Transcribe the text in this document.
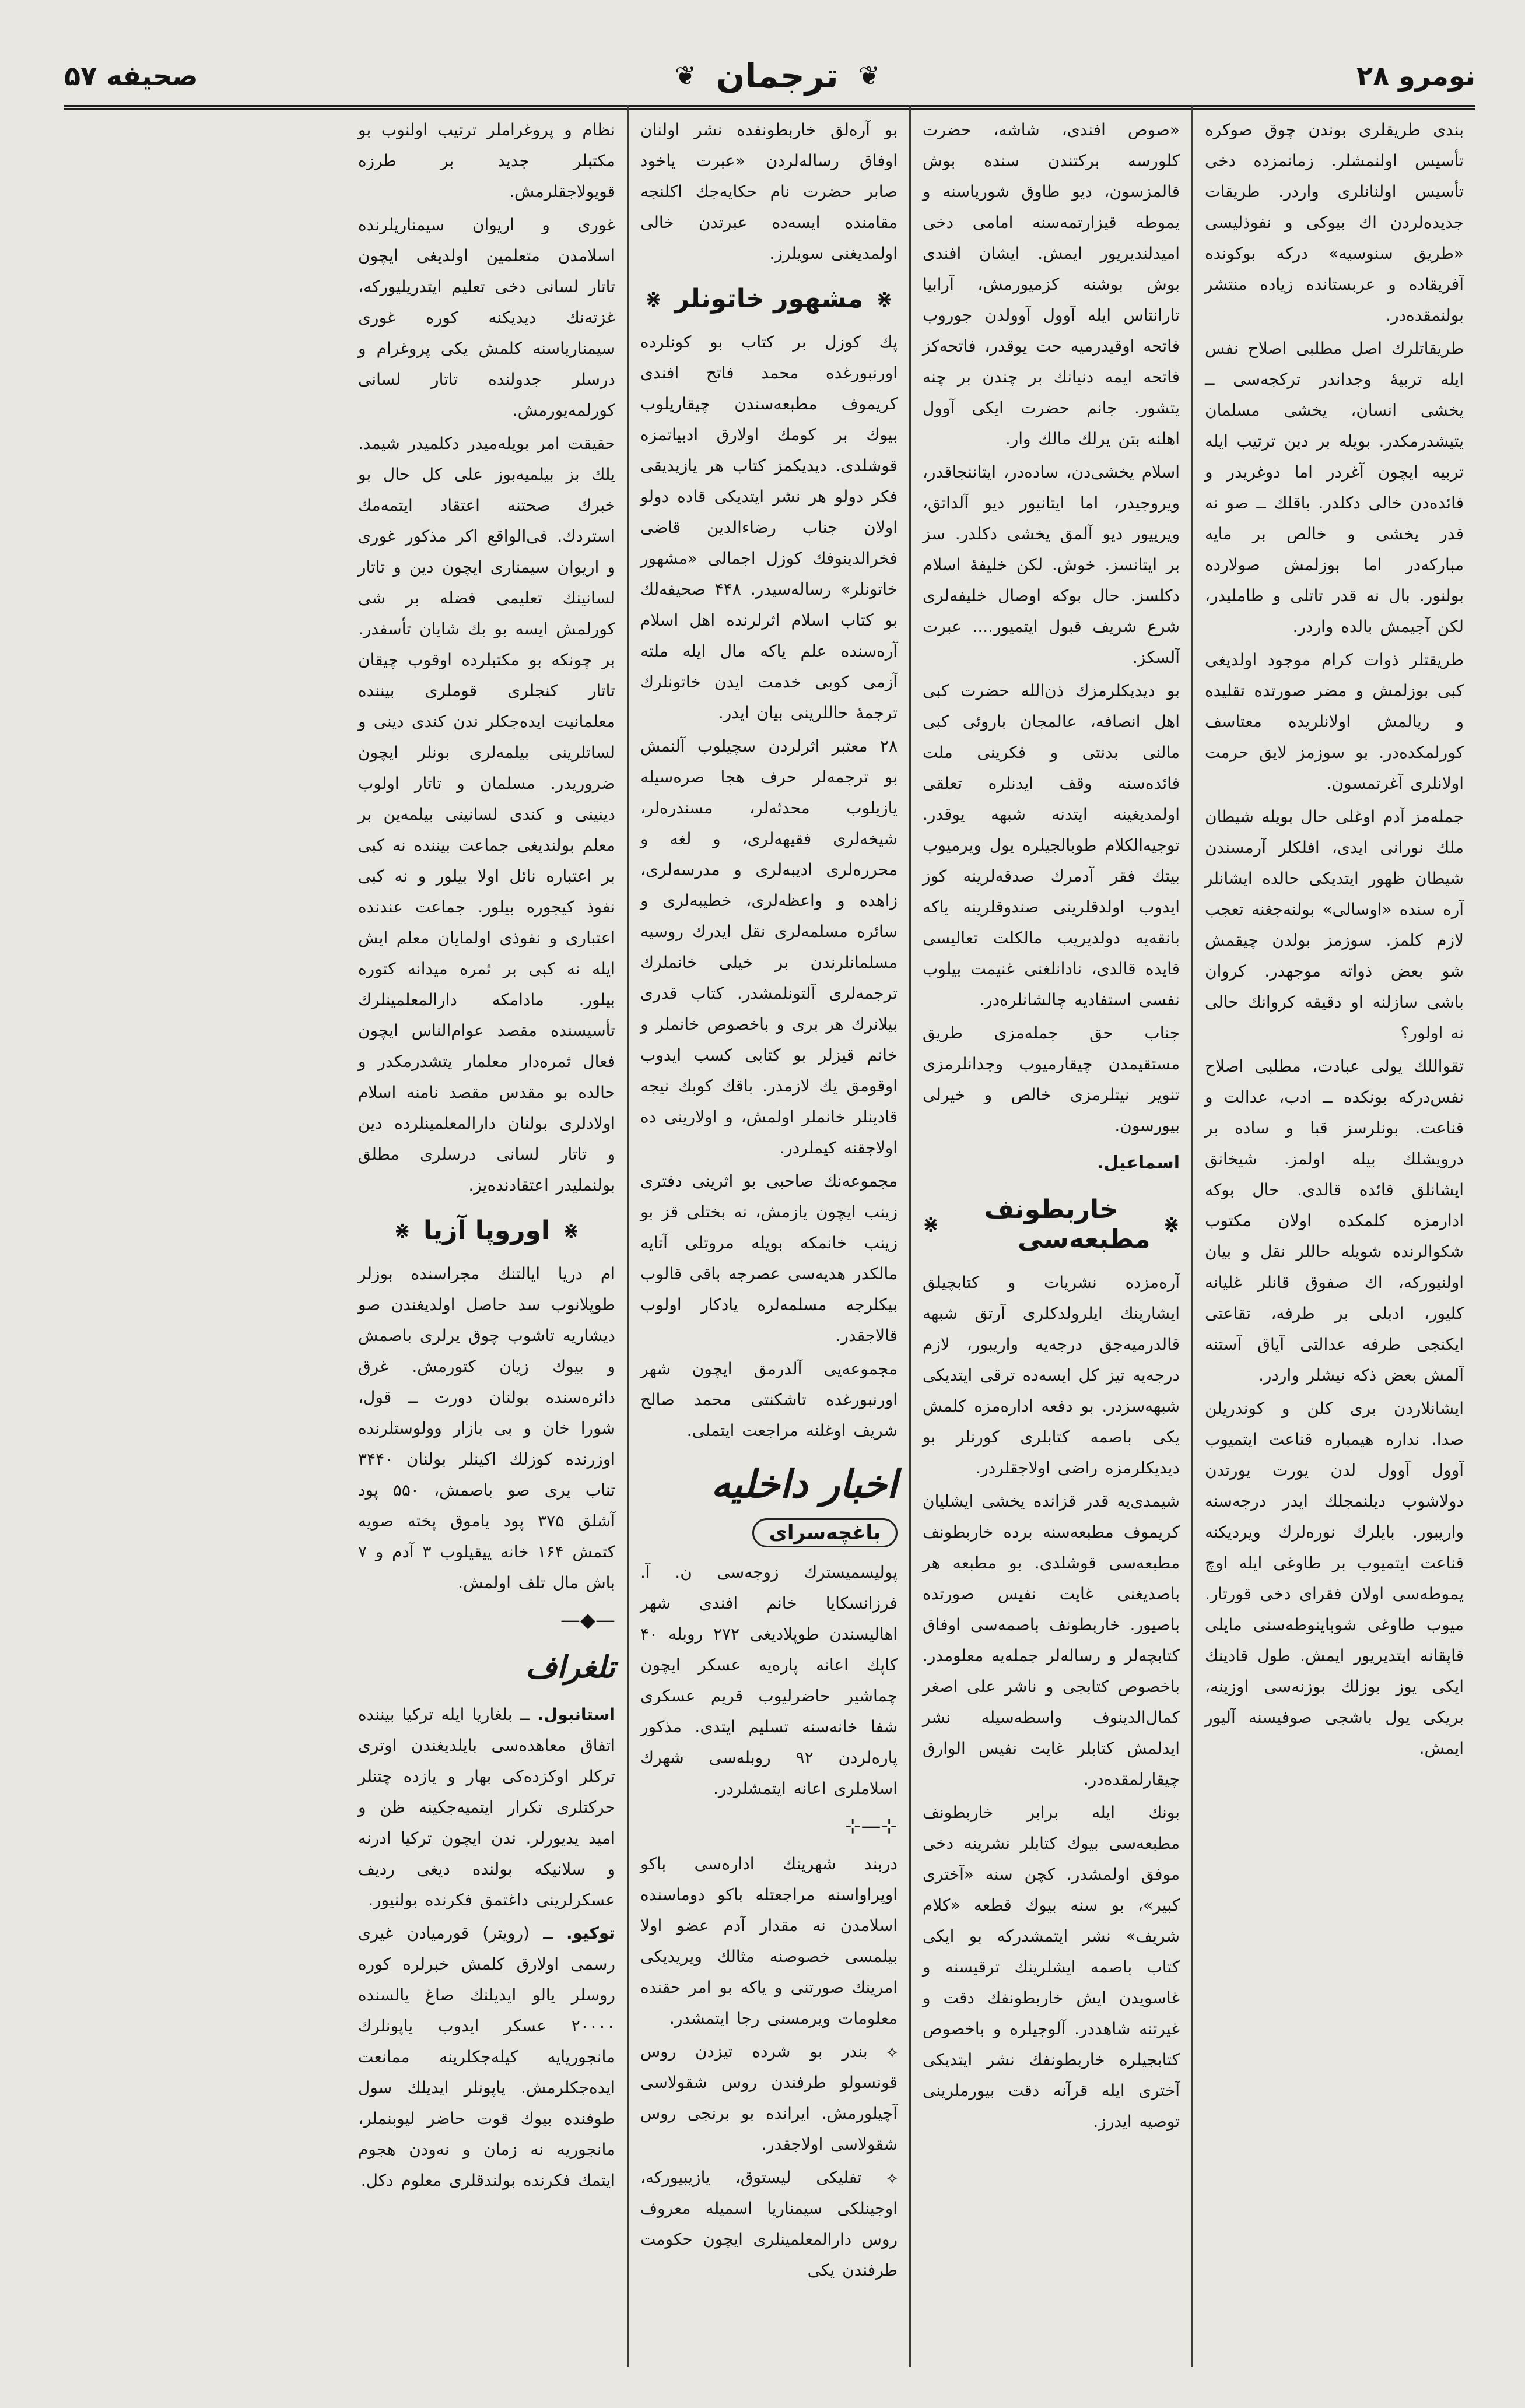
نومرو ۲۸
❦
ترجمان
❦
صحیفه ۵۷

بندی طریقلری بوندن چوق صوکره تأسیس اولنمشلر. زمانمزده دخی تأسیس اولنانلری واردر. طریقات جدیده‌لردن اك بیوکی و نفوذلیسی «طریق سنوسیه» درکه بوکونده آفریقاده و عربستانده زیاده منتشر بولنمقده‌در.

طریقاتلرك اصل مطلبی اصلاح نفس ایله تربیهٔ وجداندر ترکجه‌سی ــ یخشی انسان، یخشی مسلمان یتیشدرمکدر. بویله بر دین ترتیب ایله تربیه ایچون آغردر اما دوغریدر و فائده‌دن خالی دکلدر. باقلك ــ صو نه قدر یخشی و خالص بر مایه مبارکه‌در اما بوزلمش صولارده بولنور. بال نه قدر تاتلی و طاملیدر، لکن آجیمش بالده واردر.

طریقتلر ذوات کرام موجود اولدیغی کبی بوزلمش و مضر صورتده تقلیده و ریالمش اولانلریده معتاسف کورلمکده‌در. بو سوزمز لایق حرمت اولانلری آغرتمسون.

جمله‌مز آدم اوغلی حال بویله شیطان ملك نورانی ایدی، افلکلر آرمسندن شیطان ظهور ایتدیکی حالده ایشانلر آره سنده «اوسالی» بولنه‌جغنه تعجب لازم کلمز. سوزمز بولدن چیقمش شو بعض ذواته موجهدر. کروان باشی سازلنه او دقیقه کروانك حالی نه اولور؟

تقواللك یولی عبادت، مطلبی اصلاح نفس‌درکه بونکده ــ ادب، عدالت و قناعت. بونلرسز قبا و ساده بر درویشلك بیله اولمز. شیخانق ایشانلق قائده قالدی. حال بوکه ادارمزه کلمکده اولان مکتوب شکوالرنده شویله حاللر نقل و بیان اولنیورکه، اك صفوق قانلر غلیانه کلیور، ادبلی بر طرفه، تقاعتی ایکنجی طرفه عدالتی آیاق آستنه آلمش بعض ذکه نیشلر واردر.

ایشانلاردن بری کلن و کوندریلن صدا. نداره هیمباره قناعت ایتمیوب آوول آوول لدن یورت یورتدن دولاشوب دیلنمجلك ایدر درجه‌سنه واریبور. بایلرك نوره‌لرك ویردیکنه قناعت ایتمیوب بر طاوغی ایله اوچ یموطه‌سی اولان فقرای دخی قورتار. میوب طاوغی شوباینوطه‌سنی مایلی قاپقانه ایتدیریور ایمش. طول قادینك ایکی یوز بوزلك بوزنه‌سی اوزینه، بریکی یول باشجی صوفیسنه آلیور ایمش.

«صوص افندی، شاشه، حضرت کلورسه برکتندن سنده بوش قالمزسون، دیو طاوق شوریاسنه و یموطه قیزارتمه‌سنه امامی دخی امیدلندیریور ایمش. ایشان افندی بوش بوشنه کزمیورمش، آرابیا تارانتاس ایله آوول آوولدن جوروب فاتحه اوقیدرمیه حت یوقدر، فاتحه‌کز فاتحه ایمه دنیانك بر چندن بر چنه یتشور. جانم حضرت ایکی آوول اهلنه بتن یرلك مالك وار.

اسلام یخشی‌دن، ساده‌در، ایتاننجاقدر، ویروجیدر، اما ایتانیور دیو آلداتق، ویرییور دیو آلمق یخشی دکلدر. سز بر ایتانسز. خوش. لکن خلیفهٔ اسلام دکلسز. حال بوکه اوصال خلیفه‌لری شرع شریف قبول ایتمیور.... عبرت آلسکز.

بو دیدیکلرمزك ذن‌الله حضرت کبی اهل انصافه، عالمجان باروئی کبی مالنی بدنتی و فکرینی ملت فائده‌سنه وقف ایدنلره تعلقی اولمدیغینه ایتدنه شبهه یوقدر. توجیه‌الکلام طوبالجیلره یول ویرمیوب بیتك فقر آدمرك صدقه‌لرینه کوز ایدوب اولدقلرینی صندوقلرینه یاکه بانقه‌یه دولدیریب مالکلت تعالیسی قایده قالدی، نادانلغنی غنیمت بیلوب نفسی استفادیه چالشانلره‌در.

جناب حق جمله‌مزی طریق مستقیمدن چیقارمیوب وجدانلرمزی تنویر نیتلرمزی خالص و خیرلی بیورسون.

اسماعیل.
⋇
خاربطونف مطبعه‌سی
⋇

آره‌مزده نشریات و کتابچیلق ایشارینك ایلرولدکلری آرتق شبهه قالدرمیه‌جق درجه‌یه واریبور، لازم درجه‌یه تیز کل ایسه‌ده ترقی ایتدیکی شبهه‌سزدر. بو دفعه اداره‌مزه کلمش یکی باصمه کتابلری کورنلر بو دیدیکلرمزه راضی اولاجقلردر.

شیمدی‌یه قدر قزانده یخشی ایشلیان کریموف مطبعه‌سنه برده خاربطونف مطبعه‌سی قوشلدی. بو مطبعه هر باصدیغنی غایت نفیس صورتده باصیور. خاربطونف باصمه‌سی اوفاق کتابچه‌لر و رساله‌لر جمله‌یه معلومدر. باخصوص کتابجی و ناشر علی اصغر کمال‌الدینوف واسطه‌سیله نشر ایدلمش کتابلر غایت نفیس الوارق چیقارلمقده‌در.

بونك ایله برابر خاربطونف مطبعه‌سی بیوك کتابلر نشرینه دخی موفق اولمشدر. کچن سنه «آختری کبیر»، بو سنه بیوك قطعه «کلام شریف» نشر ایتمشدرکه بو ایکی کتاب باصمه ایشلرینك ترقیسنه و غاسویدن ایش خاربطونفك دقت و غیرتنه شاهددر. آلوجیلره و باخصوص کتابجیلره خاربطونفك نشر ایتدیکی آختری ایله قرآنه دقت بیورملرینی توصیه ایدرز.

بو آره‌لق خاربطونفده نشر اولنان اوفاق رساله‌لردن «عبرت یاخود صابر حضرت نام حکایه‌جك اکلنجه مقامنده ایسه‌ده عبرتدن خالی اولمدیغنی سویلرز.

⋇
مشهور خاتونلر
⋇

پك کوزل بر کتاب بو کونلرده اورنبورغده محمد فاتح افندی کریموف مطبعه‌سندن چیقاریلوب بیوك بر کومك اولارق ادبیاتمزه قوشلدی. دیدیکمز کتاب هر یازیدیقی فکر دولو هر نشر ایتدیکی قاده دولو اولان جناب رضاءالدین قاضی فخرالدینوفك کوزل اجمالی «مشهور خاتونلر» رساله‌سیدر. ۴۴۸ صحیفه‌لك بو کتاب اسلام اثرلرنده اهل اسلام آره‌سنده علم یاکه مال ایله ملته آزمی کوبی خدمت ایدن خاتونلرك ترجمهٔ حاللرینی بیان ایدر.

۲۸ معتبر اثرلردن سچیلوب آلنمش بو ترجمه‌لر حرف هجا صره‌سیله یازیلوب محدثه‌لر، مسندره‌لر، شیخه‌لری فقیهه‌لری، و لغه و محرره‌لری ادیبه‌لری و مدرسه‌لری، زاهده و واعظه‌لری، خطیبه‌لری و سائره مسلمه‌لری نقل ایدرك روسیه مسلمانلرندن بر خیلی خانملرك ترجمه‌لری آلتونلمشدر. کتاب قدری بیلانرك هر بری و باخصوص خانملر و خانم قیزلر بو کتابی کسب ایدوب اوقومق یك لازمدر. باقك کوبك نیجه قادینلر خانملر اولمش، و اولارینی ده اولاجقنه کیملردر.

مجموعه‌نك صاحبی بو اثرینی دفتری زینب ایچون یازمش، نه بختلی قز بو زینب خانمکه بویله مروتلی آتایه مالکدر هدیه‌سی عصرجه باقی قالوب بیکلرجه مسلمه‌لره یادکار اولوب قالاجقدر.

مجموعه‌یی آلدرمق ایچون شهر اورنبورغده تاشکنتی محمد صالح شریف اوغلنه مراجعت ایتملی.

اخبار داخلیه
باغچه‌سرای

پولیسمیسترك زوجه‌سی ن. آ. فرزانسکایا خانم افندی شهر اهالیسندن طوپلادیغی ۲۷۲ روبله ۴۰ کاپك اعانه پاره‌یه عسکر ایچون چماشیر حاضرلیوب قریم عسکری شفا خانه‌سنه تسلیم ایتدی. مذکور پاره‌لردن ۹۲ روبله‌سی شهرك اسلاملری اعانه ایتمشلردر.

⊹—⊹

دربند شهرینك اداره‌سی باکو اوپراواسنه مراجعتله باکو دوماسنده اسلامدن نه مقدار آدم عضو اولا بیلمسی خصوصنه مثالك ویریدیکی امرینك صورتنی و یاکه بو امر حقنده معلومات ویرمسنی رجا ایتمشدر.

⟡ بندر بو شرده تیزدن روس قونسولو طرفندن روس شقولاسی آچیلورمش. ایرانده بو برنجی روس شقولاسی اولاجقدر.

⟡ تفلیکی لیستوق، یازیبیورکه، اوجینلکی سیمناریا اسمیله معروف روس دارالمعلمینلری ایچون حکومت طرفندن یکی

نظام و پروغراملر ترتیب اولنوب بو مکتبلر جدید بر طرزه قویولاجقلرمش.

غوری و اریوان سیمناریلرنده اسلامدن متعلمین اولدیغی ایچون تاتار لسانی دخی تعلیم ایتدریلیورکه، غزته‌نك دیدیکنه کوره غوری سیمناریاسنه کلمش یکی پروغرام و درسلر جدولنده تاتار لسانی کورلمه‌یورمش.

حقیقت امر بویله‌میدر دکلمیدر شیمد. یلك بز بیلمیه‌بوز علی کل حال بو خبرك صحتنه اعتقاد ایتمه‌مك استردك. فی‌الواقع اکر مذکور غوری و اریوان سیمناری ایچون دین و تاتار لسانینك تعلیمی فضله بر شی کورلمش ایسه بو بك شایان تأسفدر. بر چونکه بو مکتبلرده اوقوب چیقان تاتار کنجلری قوملری بیننده معلمانیت ایده‌جکلر ندن کندی دینی و لساتلرینی بیلمه‌لری بونلر ایچون ضروریدر. مسلمان و تاتار اولوب دینینی و کندی لسانینی بیلمه‌ین بر معلم بولندیغی جماعت بیننده نه کبی بر اعتباره نائل اولا بیلور و نه کبی نفوذ کیجوره بیلور. جماعت عندنده اعتباری و نفوذی اولمایان معلم ایش ایله نه کبی بر ثمره میدانه کتوره بیلور. مادامکه دارالمعلمینلرك تأسیسنده مقصد عوام‌الناس ایچون فعال ثمره‌دار معلمار یتشدرمکدر و حالده بو مقدس مقصد نامنه اسلام اولادلری بولنان دارالمعلمینلرده دین و تاتار لسانی درسلری مطلق بولنملیدر اعتقادنده‌یز.

⋇
اوروپا آزیا
⋇

ام دریا ایالتنك مجراسنده بوزلر طوپلانوب سد حاصل اولدیغندن صو دیشاریه تاشوب چوق یرلری باصمش و بیوك زیان کتورمش. غرق دائره‌سنده بولنان دورت ــ قول، شورا خان و بی بازار وولوستلرنده اوزرنده کوزلك اکینلر بولنان ۳۴۴۰ تناب یری صو باصمش، ۵۵۰ پود آشلق ۳۷۵ پود یاموق پخته صویه کتمش ۱۶۴ خانه ییقیلوب ۳ آدم و ۷ باش مال تلف اولمش.

—◆—
تلغراف

استانبول. ــ بلغاریا ایله ترکیا بیننده اتفاق معاهده‌سی بایلدیغندن اوتری ترکلر اوکزده‌کی بهار و یازده چتنلر حرکتلری تکرار ایتمیه‌جکینه ظن و امید یدیورلر. ندن ایچون ترکیا ادرنه و سلانیکه بولنده دیغی ردیف عسکرلرینی داغتمق فکرنده بولنیور.

توکیو. ــ (رویتر) قورمیادن غیری رسمی اولارق کلمش خبرلره کوره روسلر یالو ایدیلنك صاغ یالسنده ۲۰۰۰۰ عسکر ایدوب یاپونلرك مانجوریایه کیله‌جکلرینه ممانعت ایده‌جکلرمش. یاپونلر ایدیلك سول طوفنده بیوك قوت حاضر لیوبنملر، مانجوریه نه زمان و نه‌ودن هجوم ایتمك فکرنده بولندقلری معلوم دکل.
